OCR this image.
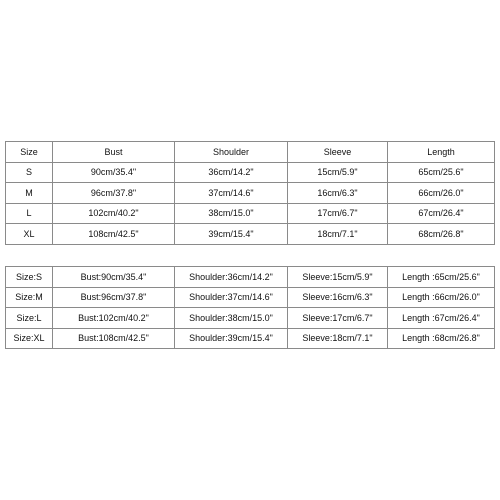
Size	Bust	Shoulder	Sleeve	Length
S	90cm/35.4"	36cm/14.2"	15cm/5.9"	65cm/25.6"
M	96cm/37.8"	37cm/14.6"	16cm/6.3"	66cm/26.0"
L	102cm/40.2"	38cm/15.0"	17cm/6.7"	67cm/26.4"
XL	108cm/42.5"	39cm/15.4"	18cm/7.1"	68cm/26.8"
Size:S	Bust:90cm/35.4"	Shoulder:36cm/14.2"	Sleeve:15cm/5.9"	Length :65cm/25.6"
Size:M	Bust:96cm/37.8"	Shoulder:37cm/14.6"	Sleeve:16cm/6.3"	Length :66cm/26.0"
Size:L	Bust:102cm/40.2"	Shoulder:38cm/15.0"	Sleeve:17cm/6.7"	Length :67cm/26.4"
Size:XL	Bust:108cm/42.5"	Shoulder:39cm/15.4"	Sleeve:18cm/7.1"	Length :68cm/26.8"
